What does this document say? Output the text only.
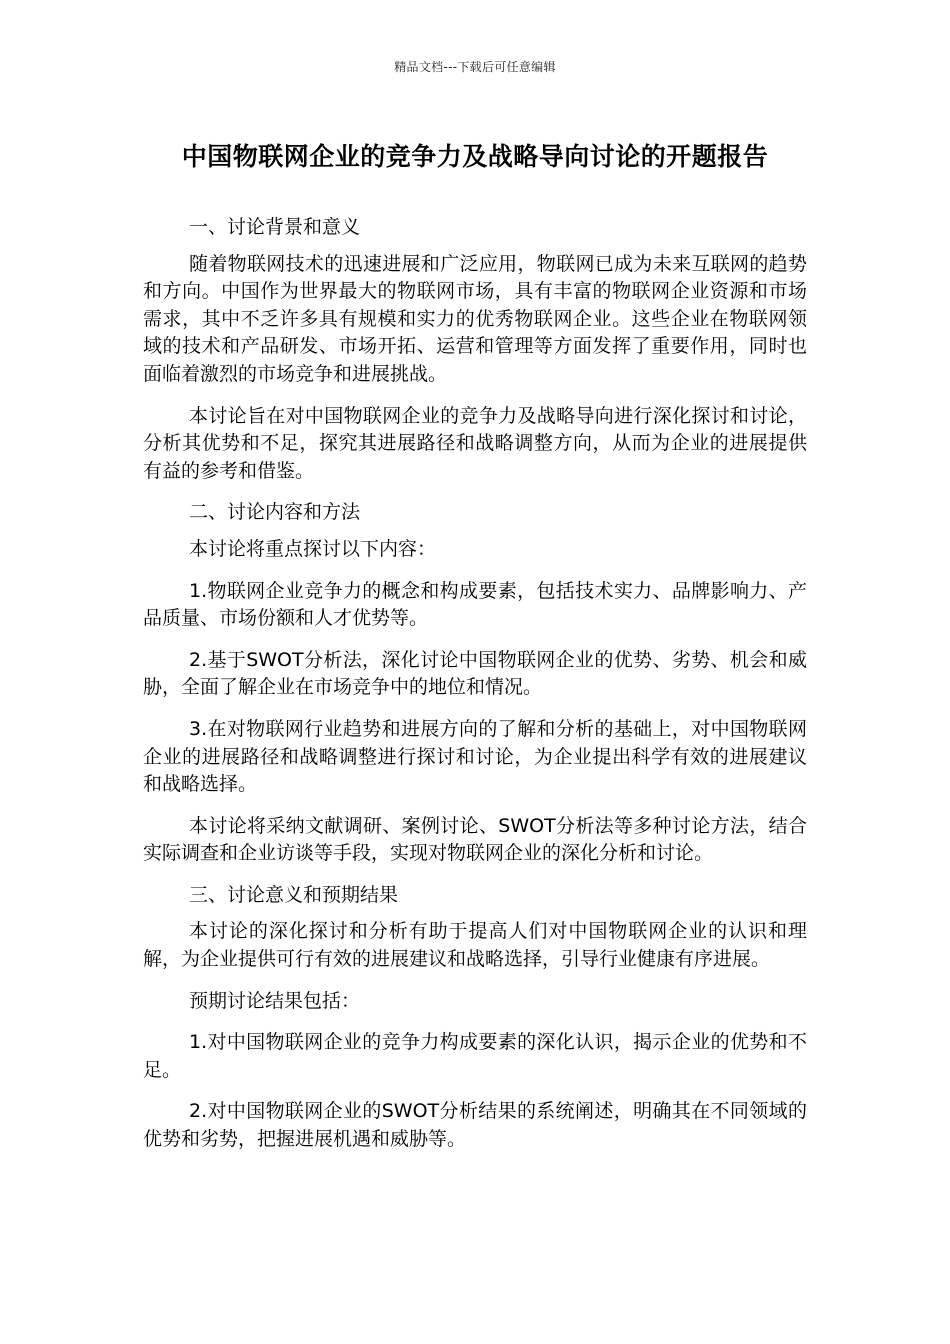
精品文档---下载后可任意编辑
中国物联网企业的竞争力及战略导向讨论的开题报告

一、讨论背景和意义

随着物联网技术的迅速进展和广泛应用，物联网已成为未来互联网的趋势和方向。中国作为世界最大的物联网市场，具有丰富的物联网企业资源和市场需求，其中不乏许多具有规模和实力的优秀物联网企业。这些企业在物联网领域的技术和产品研发、市场开拓、运营和管理等方面发挥了重要作用，同时也面临着激烈的市场竞争和进展挑战。

本讨论旨在对中国物联网企业的竞争力及战略导向进行深化探讨和讨论，分析其优势和不足，探究其进展路径和战略调整方向，从而为企业的进展提供有益的参考和借鉴。

二、讨论内容和方法

本讨论将重点探讨以下内容：

1.物联网企业竞争力的概念和构成要素，包括技术实力、品牌影响力、产品质量、市场份额和人才优势等。

2.基于SWOT分析法，深化讨论中国物联网企业的优势、劣势、机会和威胁，全面了解企业在市场竞争中的地位和情况。

3.在对物联网行业趋势和进展方向的了解和分析的基础上，对中国物联网企业的进展路径和战略调整进行探讨和讨论，为企业提出科学有效的进展建议和战略选择。

本讨论将采纳文献调研、案例讨论、SWOT分析法等多种讨论方法，结合实际调查和企业访谈等手段，实现对物联网企业的深化分析和讨论。

三、讨论意义和预期结果

本讨论的深化探讨和分析有助于提高人们对中国物联网企业的认识和理解，为企业提供可行有效的进展建议和战略选择，引导行业健康有序进展。

预期讨论结果包括：

1.对中国物联网企业的竞争力构成要素的深化认识，揭示企业的优势和不足。

2.对中国物联网企业的SWOT分析结果的系统阐述，明确其在不同领域的优势和劣势，把握进展机遇和威胁等。
